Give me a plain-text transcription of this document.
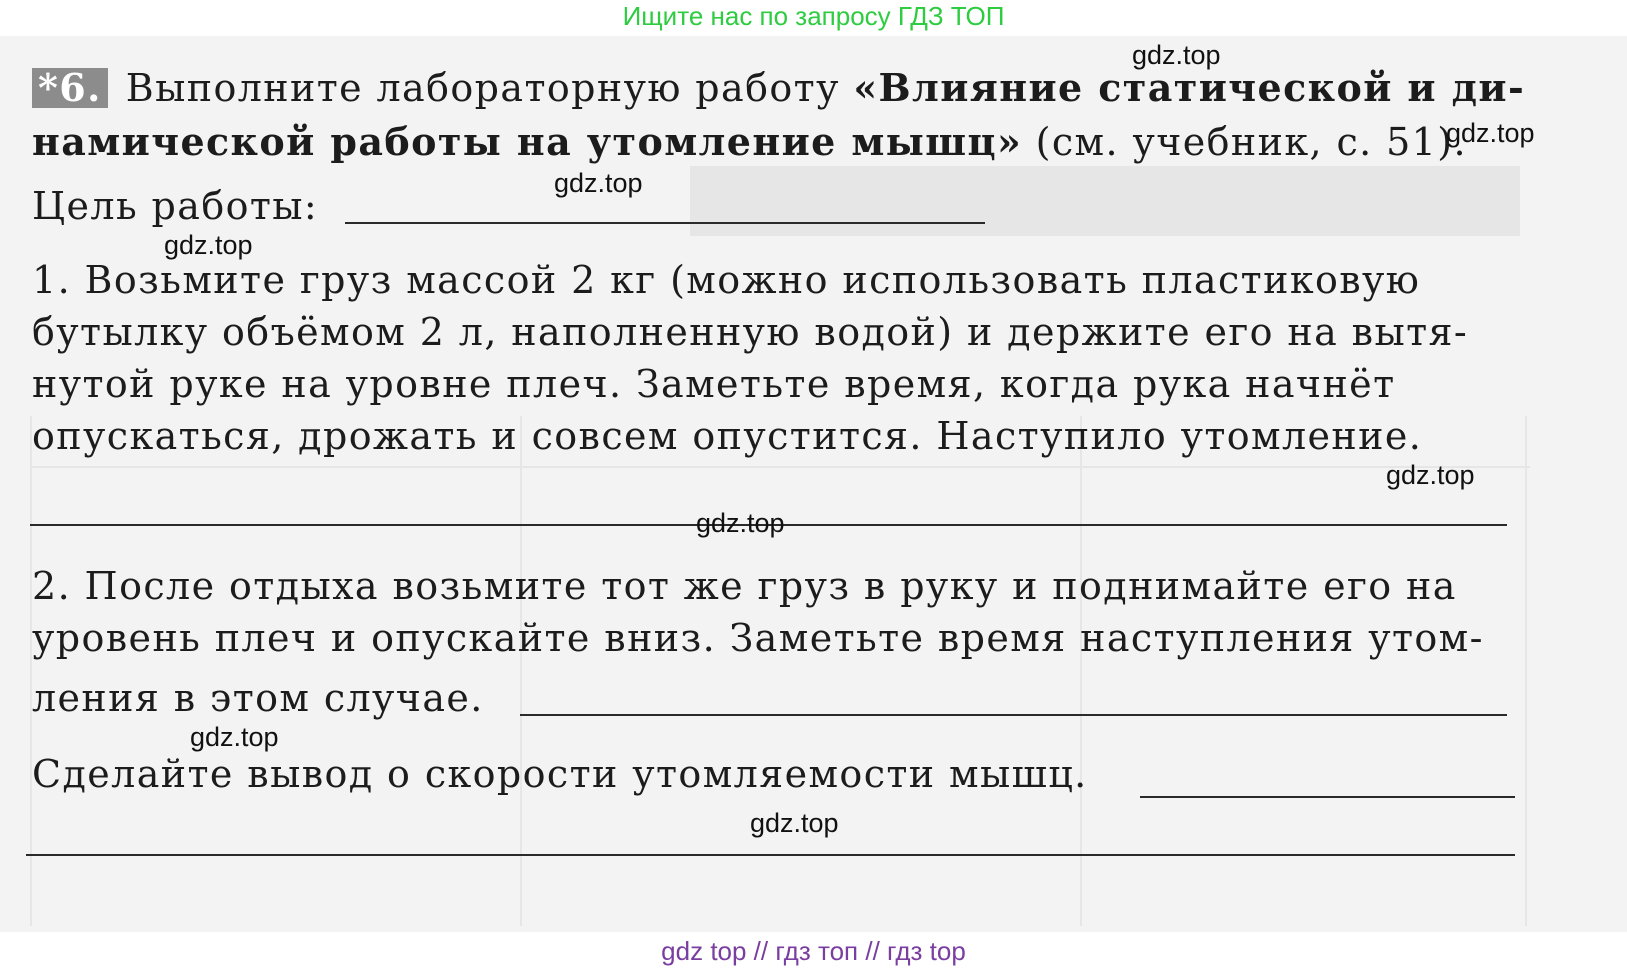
Ищите нас по запросу ГДЗ ТОП
*6. Выполните лабораторную работу «Влияние статической и ди-
намической работы на утомление мышц» (см. учебник, с. 51).
Цель работы:
1. Возьмите груз массой 2 кг (можно использовать пластиковую
бутылку объёмом 2 л, наполненную водой) и держите его на вытя-
нутой руке на уровне плеч. Заметьте время, когда рука начнёт
опускаться, дрожать и совсем опустится. Наступило утомление.
2. После отдыха возьмите тот же груз в руку и поднимайте его на
уровень плеч и опускайте вниз. Заметьте время наступления утом-
ления в этом случае.
Сделайте вывод о скорости утомляемости мышц.
gdz.top
gdz.top
gdz.top
gdz.top
gdz.top
gdz.top
gdz.top
gdz.top
gdz top // гдз топ // гдз top
